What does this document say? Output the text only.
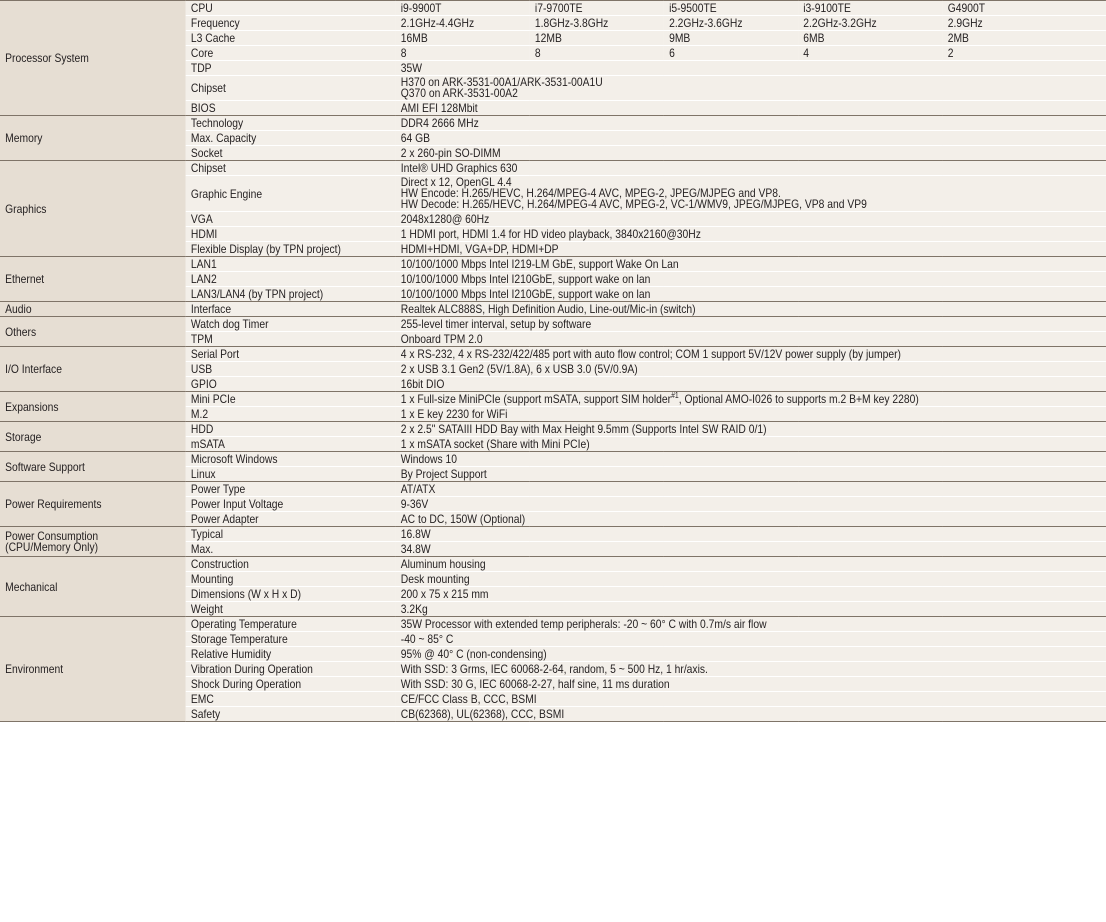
Processor System	CPU	i9-9900T	i7-9700TE	i5-9500TE	i3-9100TE	G4900T
	Frequency	2.1GHz-4.4GHz	1.8GHz-3.8GHz	2.2GHz-3.6GHz	2.2GHz-3.2GHz	2.9GHz
	L3 Cache	16MB	12MB	9MB	6MB	2MB
	Core	8	8	6	4	2
	TDP	35W				
	Chipset	H370 on ARK-3531-00A1/ARK-3531-00A1U
Q370 on ARK-3531-00A2				

	BIOS	AMI EFI 128Mbit				
Memory	Technology	DDR4 2666 MHz				
	Max. Capacity	64 GB				
	Socket	2 x 260-pin SO-DIMM				
Graphics	Chipset	Intel® UHD Graphics 630				
	Graphic Engine	Direct x 12, OpenGL 4.4
HW Encode: H.265/HEVC, H.264/MPEG-4 AVC, MPEG-2, JPEG/MJPEG and VP8.
HW Decode: H.265/HEVC, H.264/MPEG-4 AVC, MPEG-2, VC-1/WMV9, JPEG/MJPEG, VP8 and VP9				

	VGA	2048x1280@ 60Hz				
	HDMI	1 HDMI port, HDMI 1.4 for HD video playback, 3840x2160@30Hz				
	Flexible Display (by TPN project)	HDMI+HDMI, VGA+DP, HDMI+DP				
Ethernet	LAN1	10/100/1000 Mbps Intel I219-LM GbE, support Wake On Lan				
	LAN2	10/100/1000 Mbps Intel I210GbE, support wake on lan				
	LAN3/LAN4 (by TPN project)	10/100/1000 Mbps Intel I210GbE, support wake on lan				
Audio	Interface	Realtek ALC888S, High Definition Audio, Line-out/Mic-in (switch)				
Others	Watch dog Timer	255-level timer interval, setup by software				
	TPM	Onboard TPM 2.0				
I/O Interface	Serial Port	4 x RS-232, 4 x RS-232/422/485 port with auto flow control; COM 1 support 5V/12V power supply (by jumper)				
	USB	2 x USB 3.1 Gen2 (5V/1.8A), 6 x USB 3.0 (5V/0.9A)				
	GPIO	16bit DIO				
Expansions	Mini PCIe	1 x Full-size MiniPCIe (support mSATA, support SIM holder$^{\#1}$, Optional AMO-I026 to supports m.2 B+M key 2280)				
	M.2	1 x E key 2230 for WiFi				
Storage	HDD	2 x 2.5" SATAIII HDD Bay with Max Height 9.5mm (Supports Intel SW RAID 0/1)				
	mSATA	1 x mSATA socket (Share with Mini PCIe)				
Software Support	Microsoft Windows	Windows 10				
	Linux	By Project Support				
Power Requirements	Power Type	AT/ATX				
	Power Input Voltage	9-36V				
	Power Adapter	AC to DC, 150W (Optional)				

Power Consumption
(CPU/Memory Only)	Typical	16.8W				
	Max.	34.8W				
Mechanical	Construction	Aluminum housing				
	Mounting	Desk mounting				
	Dimensions (W x H x D)	200 x 75 x 215 mm				
	Weight	3.2Kg				
Environment	Operating Temperature	35W Processor with extended temp peripherals: -20 ~ 60° C with 0.7m/s air flow				
	Storage Temperature	-40 ~ 85° C				
	Relative Humidity	95% @ 40° C (non-condensing)				
	Vibration During Operation	With SSD: 3 Grms, IEC 60068-2-64, random, 5 ~ 500 Hz, 1 hr/axis.				
	Shock During Operation	With SSD: 30 G, IEC 60068-2-27, half sine, 11 ms duration				
	EMC	CE/FCC Class B, CCC, BSMI				
	Safety	CB(62368), UL(62368), CCC, BSMI				
